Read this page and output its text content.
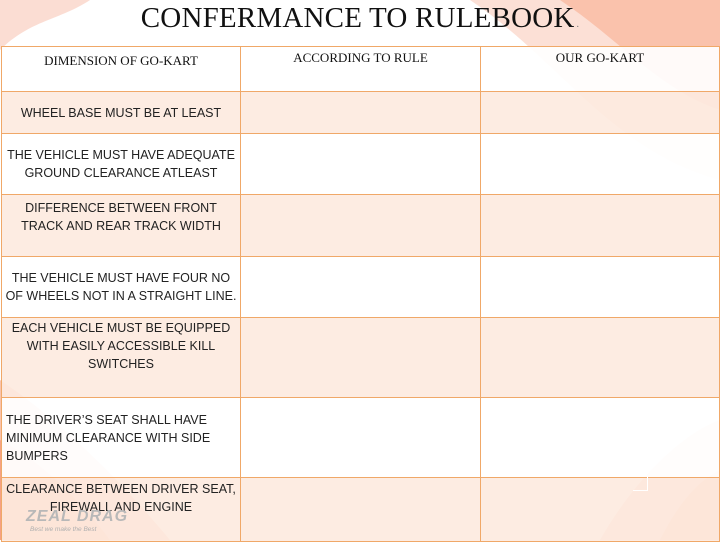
CONFERMANCE TO RULEBOOK .
DIMENSION OF GO-KART	ACCORDING TO RULE	OUR GO-KART
WHEEL BASE MUST BE AT LEAST		
THE VEHICLE MUST HAVE ADEQUATE GROUND CLEARANCE ATLEAST		
DIFFERENCE BETWEEN FRONT TRACK AND REAR TRACK WIDTH		
THE VEHICLE MUST HAVE FOUR NO OF WHEELS NOT IN A STRAIGHT LINE.		
EACH VEHICLE MUST BE EQUIPPED WITH EASILY ACCESSIBLE KILL SWITCHES		
THE DRIVER’S SEAT SHALL HAVE MINIMUM CLEARANCE WITH SIDE BUMPERS		
CLEARANCE BETWEEN DRIVER SEAT, FIREWALL AND ENGINE		
ZEAL DRAG
Best we make the Best
